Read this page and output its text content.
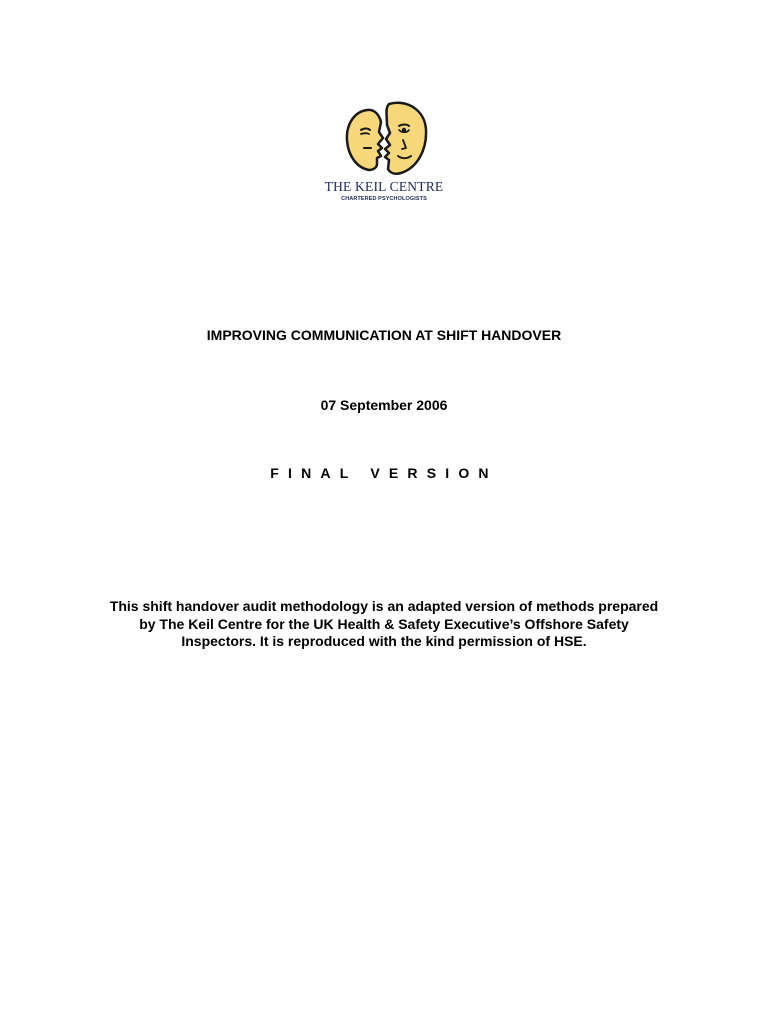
THE KEIL CENTRE
CHARTERED PSYCHOLOGISTS
IMPROVING COMMUNICATION AT SHIFT HANDOVER
07 September 2006
FINAL VERSION
This shift handover audit methodology is an adapted version of methods prepared by The Keil Centre for the UK Health & Safety Executive’s Offshore Safety Inspectors. It is reproduced with the kind permission of HSE.
